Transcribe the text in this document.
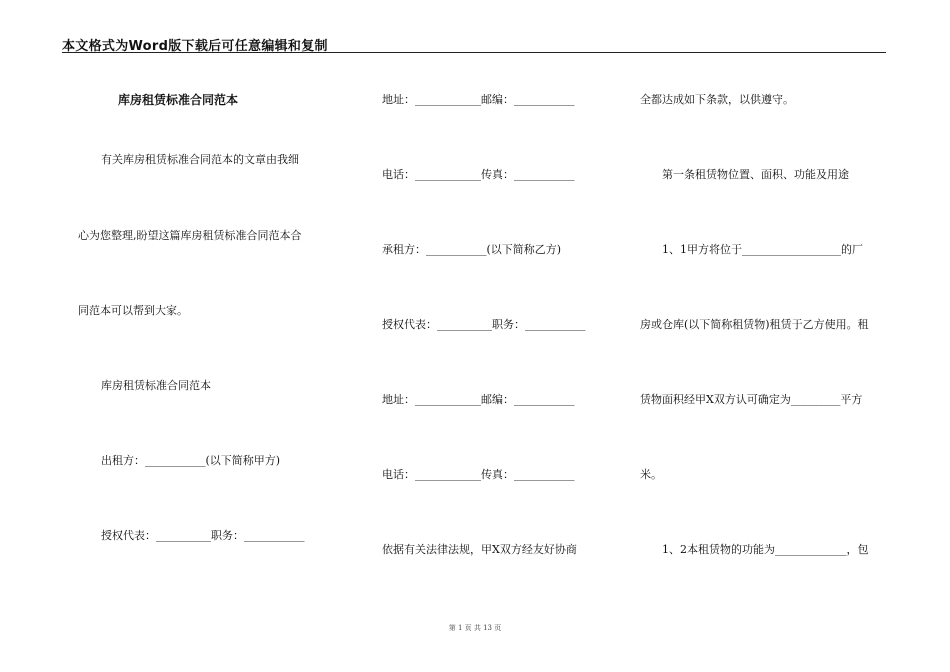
本文格式为Word版下载后可任意编辑和复制
库房租赁标准合同范本
有关库房租赁标准合同范本的文章由我细
心为您整理,盼望这篇库房租赁标准合同范本合
同范本可以帮到大家。
库房租赁标准合同范本
出租方：___________(以下简称甲方)
授权代表：__________职务：___________
地址：____________邮编：___________
电话：____________传真：___________
承租方：___________(以下简称乙方)
授权代表：__________职务：___________
地址：____________邮编：___________
电话：____________传真：___________
依据有关法律法规，甲X双方经友好协商
全都达成如下条款，以供遵守。
第一条租赁物位置、面积、功能及用途
1、1甲方将位于__________________的厂
房或仓库(以下简称租赁物)租赁于乙方使用。租
赁物面积经甲X双方认可确定为_________平方
米。
1、2本租赁物的功能为_____________，包
第 1 页 共 13 页
